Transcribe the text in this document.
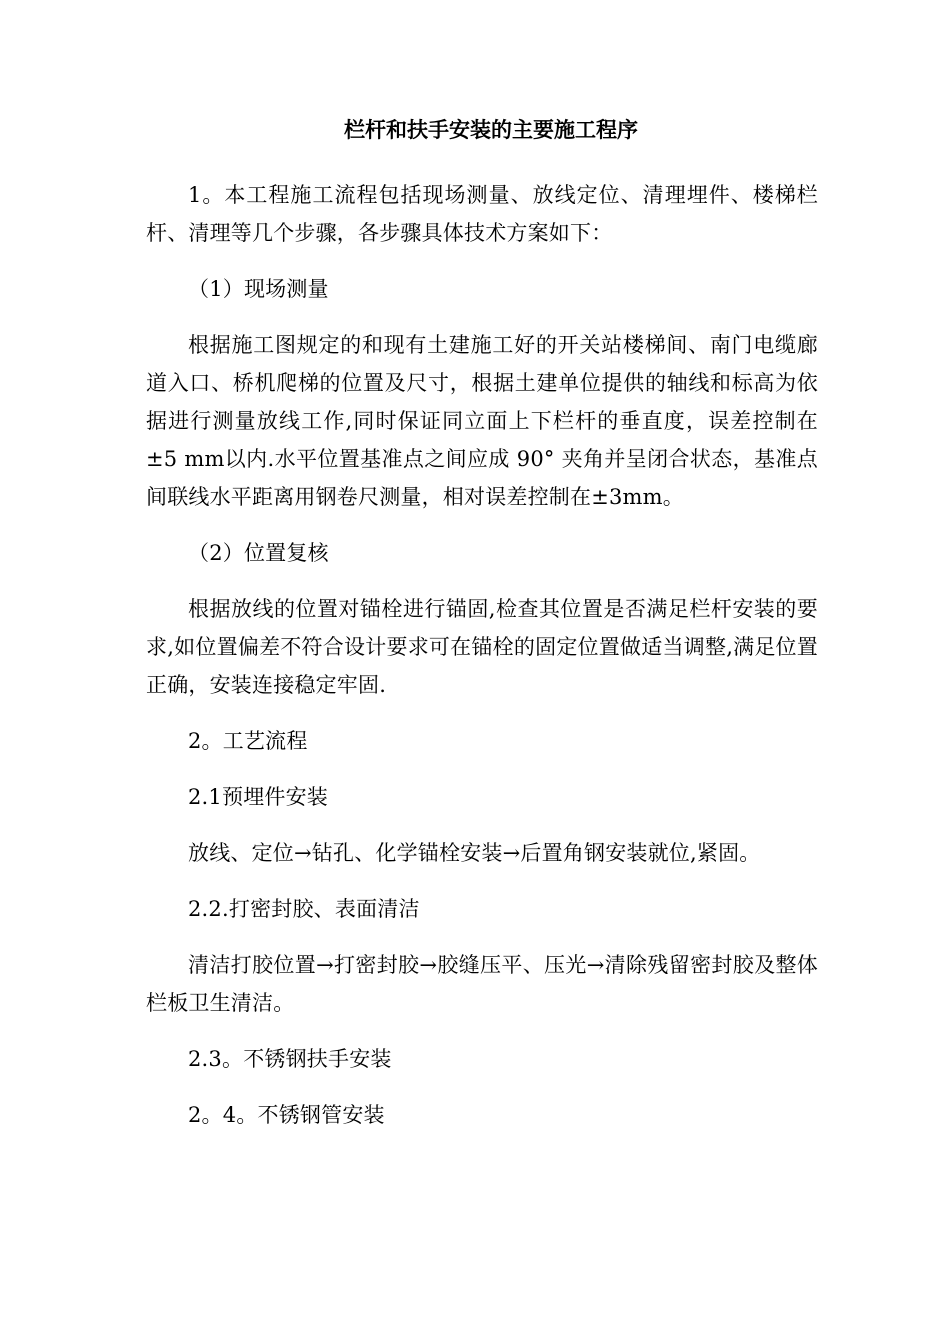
栏杆和扶手安装的主要施工程序

1。本工程施工流程包括现场测量、放线定位、清理埋件、楼梯栏杆、清理等几个步骤，各步骤具体技术方案如下：

（1）现场测量

根据施工图规定的和现有土建施工好的开关站楼梯间、南门电缆廊道入口、桥机爬梯的位置及尺寸，根据土建单位提供的轴线和标高为依据进行测量放线工作,同时保证同立面上下栏杆的垂直度，误差控制在±5 mm以内.水平位置基准点之间应成 90° 夹角并呈闭合状态，基准点间联线水平距离用钢卷尺测量，相对误差控制在±3mm。

（2）位置复核

根据放线的位置对锚栓进行锚固,检查其位置是否满足栏杆安装的要求,如位置偏差不符合设计要求可在锚栓的固定位置做适当调整,满足位置正确，安装连接稳定牢固.

2。工艺流程

2.1预埋件安装

放线、定位→钻孔、化学锚栓安装→后置角钢安装就位,紧固。

2.2.打密封胶、表面清洁

清洁打胶位置→打密封胶→胶缝压平、压光→清除残留密封胶及整体栏板卫生清洁。

2.3。不锈钢扶手安装

2。4。不锈钢管安装
